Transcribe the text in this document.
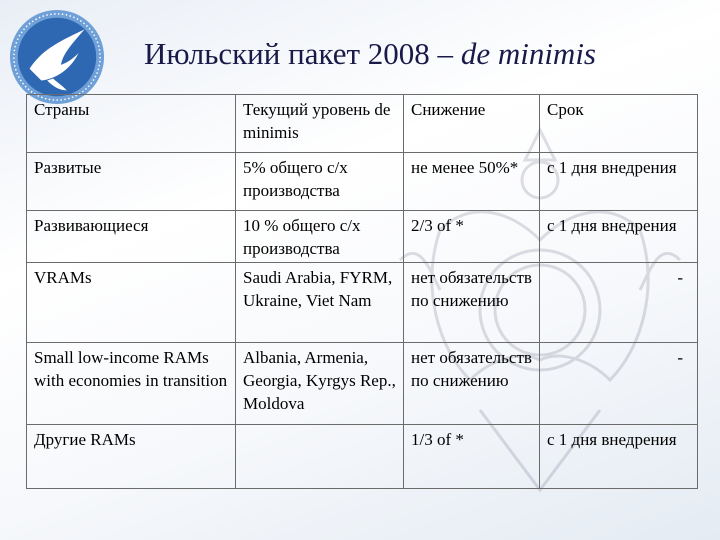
Июльский пакет 2008 – de minimis
Страны	Текущий уровень de minimis	Снижение	Срок
Развитые	5% общего с/х производства	не менее 50%*	с 1 дня внедрения
Развивающиеся	10 % общего с/х производства	2/3 of *	с 1 дня внедрения
VRAMs	Saudi Arabia, FYRM, Ukraine, Viet Nam	нет обязательств по снижению	-
Small low-income RAMs with economies in transition	Albania, Armenia, Georgia, Kyrgys Rep., Moldova	нет обязательств по снижению	-
Другие RAMs		1/3 of *	с 1 дня внедрения
